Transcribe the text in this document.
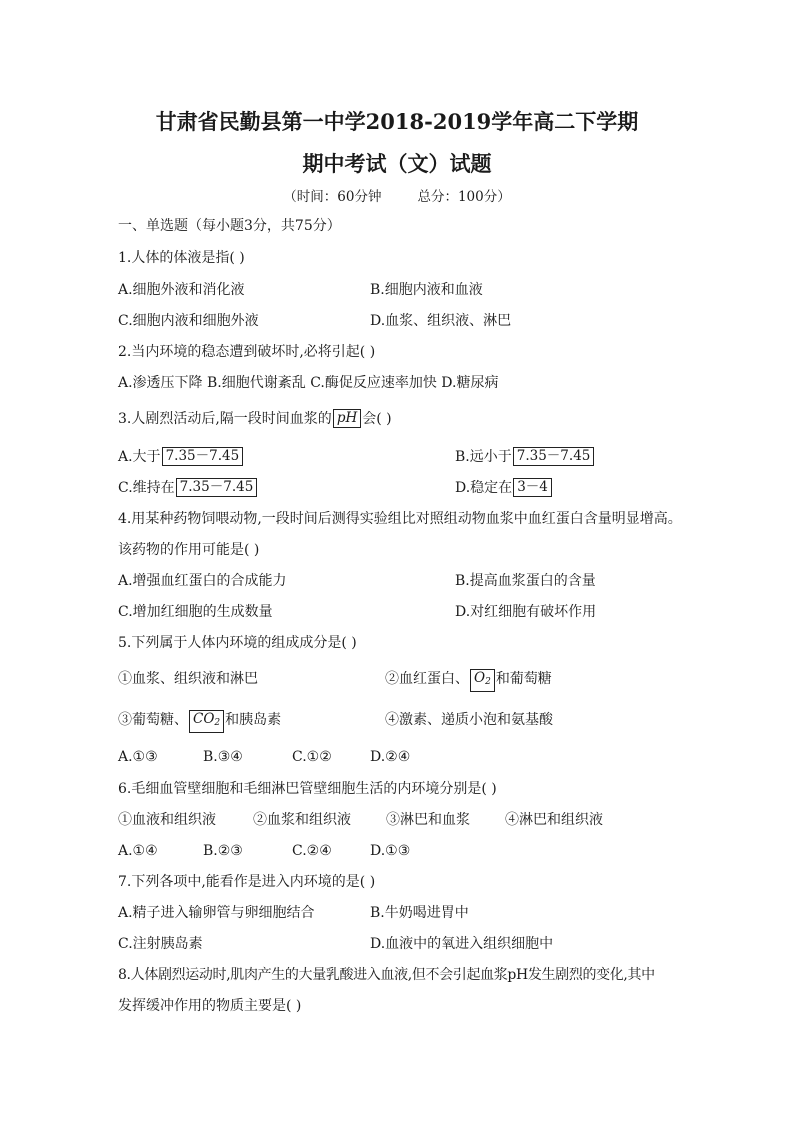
甘肃省民勤县第一中学2018-2019学年高二下学期
期中考试（文）试题
（时间：60分钟	总分：100分）
一、单选题（每小题3分，共75分）
1.人体的体液是指( )
A.细胞外液和消化液	B.细胞内液和血液
C.细胞内液和细胞外液	D.血浆、组织液、淋巴
2.当内环境的稳态遭到破坏时,必将引起( )
A.渗透压下降 B.细胞代谢紊乱 C.酶促反应速率加快 D.糖尿病
3.人剧烈活动后,隔一段时间血浆的 pH 会( )
A.大于 7.35－7.45	B.远小于 7.35－7.45
C.维持在 7.35－7.45	D.稳定在 3－4
4.用某种药物饲喂动物,一段时间后测得实验组比对照组动物血浆中血红蛋白含量明显增高。
该药物的作用可能是( )
A.增强血红蛋白的合成能力	B.提高血浆蛋白的含量
C.增加红细胞的生成数量	D.对红细胞有破坏作用
5.下列属于人体内环境的组成成分是( )
①血浆、组织液和淋巴	②血红蛋白、 $O_2$ 和葡萄糖
③葡萄糖、 $CO_2$ 和胰岛素	④激素、递质小泡和氨基酸
A.①③	B.③④	C.①②	D.②④
6.毛细血管壁细胞和毛细淋巴管壁细胞生活的内环境分别是( )
①血液和组织液	②血浆和组织液	③淋巴和血浆	④淋巴和组织液
A.①④	B.②③	C.②④	D.①③
7.下列各项中,能看作是进入内环境的是( )
A.精子进入输卵管与卵细胞结合	B.牛奶喝进胃中
C.注射胰岛素	D.血液中的氧进入组织细胞中
8.人体剧烈运动时,肌肉产生的大量乳酸进入血液,但不会引起血浆pH发生剧烈的变化,其中
发挥缓冲作用的物质主要是( )
